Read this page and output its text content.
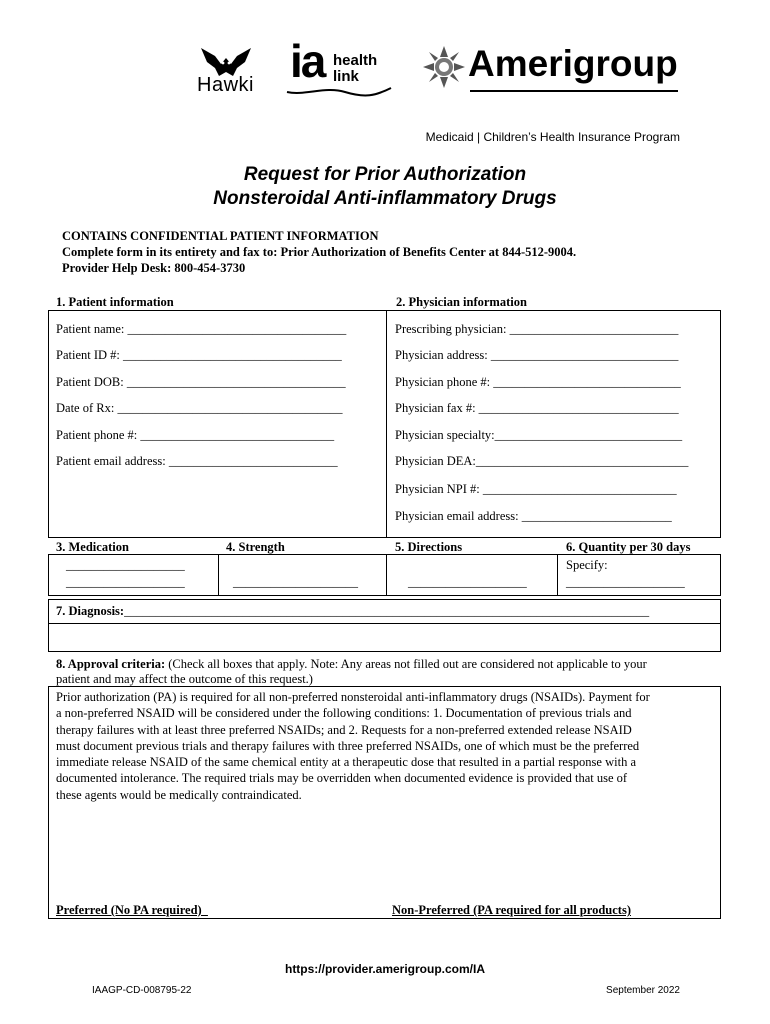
Hawki ia health
link	Amerigroup
Medicaid | Children’s Health Insurance Program
Request for Prior Authorization
Nonsteroidal Anti-inflammatory Drugs
CONTAINS CONFIDENTIAL PATIENT INFORMATION
Complete form in its entirety and fax to: Prior Authorization of Benefits Center at 844-512-9004.
Provider Help Desk: 800-454-3730
1. Patient information	2. Physician information
Patient name: ___________________________________
Patient ID #: ___________________________________
Patient DOB: ___________________________________
Date of Rx: ____________________________________
Patient phone #: _______________________________
Patient email address: ___________________________
Prescribing physician: ___________________________
Physician address: ______________________________
Physician phone #: ______________________________
Physician fax #: ________________________________
Physician specialty:______________________________
Physician DEA:__________________________________
Physician NPI #: _______________________________
Physician email address: ________________________
3. Medication	4. Strength	5. Directions	6. Quantity per 30 days
___________________
___________________	____________________	___________________
Specify:
___________________
7. Diagnosis:____________________________________________________________________________________
8. Approval criteria: (Check all boxes that apply. Note: Any areas not filled out are considered not applicable to your
patient and may affect the outcome of this request.)
Prior authorization (PA) is required for all non-preferred nonsteroidal anti-inflammatory drugs (NSAIDs). Payment for
a non-preferred NSAID will be considered under the following conditions: 1. Documentation of previous trials and
therapy failures with at least three preferred NSAIDs; and 2. Requests for a non-preferred extended release NSAID
must document previous trials and therapy failures with three preferred NSAIDs, one of which must be the preferred
immediate release NSAID of the same chemical entity at a therapeutic dose that resulted in a partial response with a
documented intolerance. The required trials may be overridden when documented evidence is provided that use of
these agents would be medically contraindicated.
Preferred (No PA required)	Non-Preferred (PA required for all products)
https://provider.amerigroup.com/IA
IAAGP-CD-008795-22	September 2022
